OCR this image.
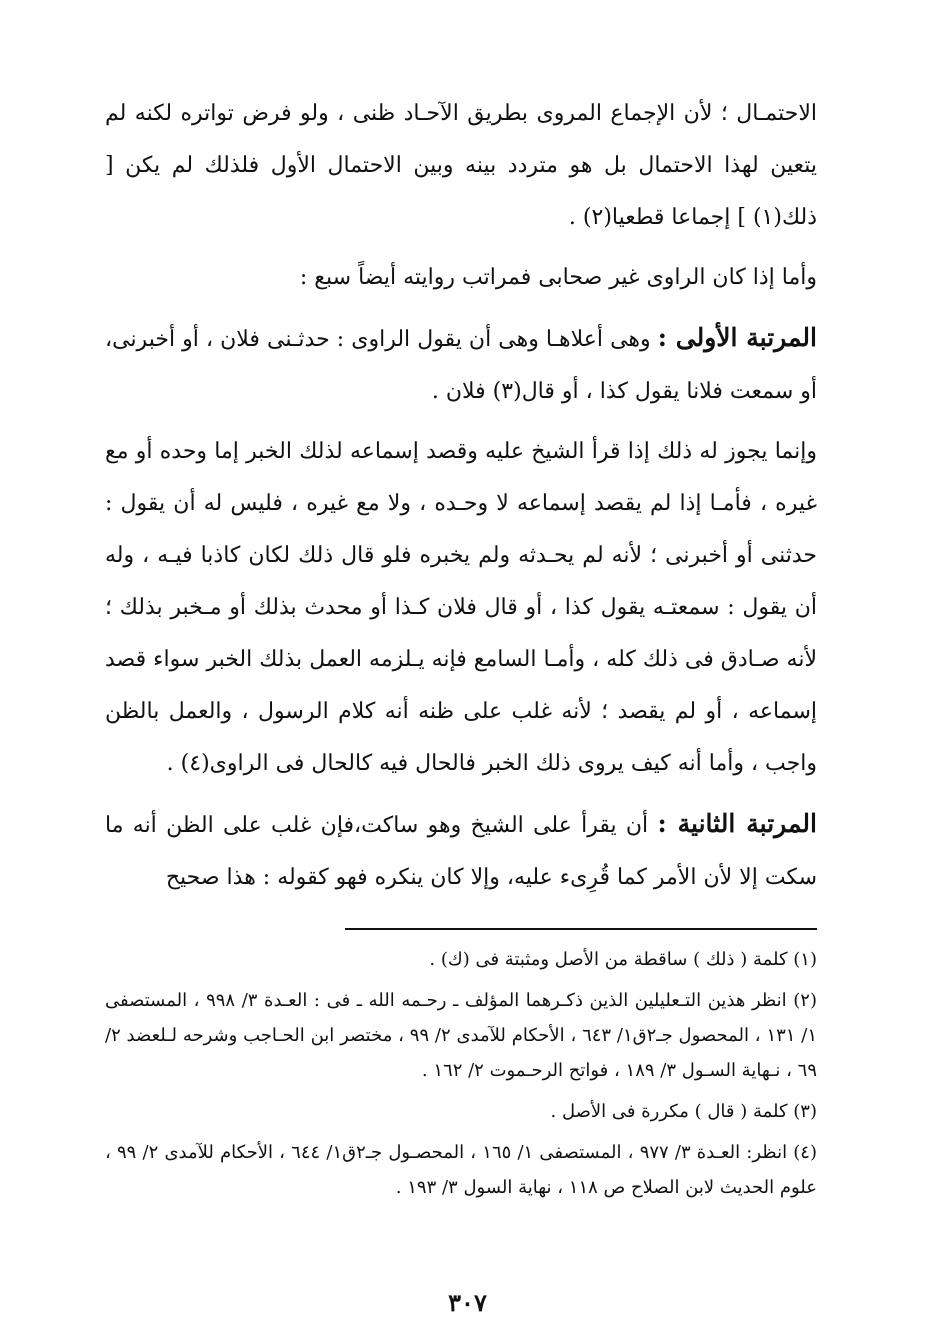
الاحتمـال ؛ لأن الإجماع المروى بطريق الآحـاد ظنى ، ولو فرض تواتره لكنه لم يتعين لهذا الاحتمال بل هو متردد بينه وبين الاحتمال الأول فلذلك لم يكن [ ذلك(١) ] إجماعا قطعيا(٢) .

وأما إذا كان الراوى غير صحابى فمراتب روايته أيضاً سبع :

المرتبة الأولى : وهى أعلاهـا وهى أن يقول الراوى : حدثـنى فلان ، أو أخبرنى، أو سمعت فلانا يقول كذا ، أو قال(٣) فلان .

وإنما يجوز له ذلك إذا قرأ الشيخ عليه وقصد إسماعه لذلك الخبر إما وحده أو مع غيره ، فأمـا إذا لم يقصد إسماعه لا وحـده ، ولا مع غيره ، فليس له أن يقول : حدثنى أو أخبرنى ؛ لأنه لم يحـدثه ولم يخبره فلو قال ذلك لكان كاذبا فيـه ، وله أن يقول : سمعتـه يقول كذا ، أو قال فلان كـذا أو محدث بذلك أو مـخبر بذلك ؛ لأنه صـادق فى ذلك كله ، وأمـا السامع فإنه يـلزمه العمل بذلك الخبر سواء قصد إسماعه ، أو لم يقصد ؛ لأنه غلب على ظنه أنه كلام الرسول ، والعمل بالظن واجب ، وأما أنه كيف يروى ذلك الخبر فالحال فيه كالحال فى الراوى(٤) .

المرتبة الثانية : أن يقرأ على الشيخ وهو ساكت،فإن غلب على الظن أنه ما سكت إلا لأن الأمر كما قُرِىء عليه، وإلا كان ينكره فهو كقوله : هذا صحيح

(١) كلمة ( ذلك ) ساقطة من الأصل ومثبتة فى (ك) .

(٢) انظر هذين التـعليلين الذين ذكـرهما المؤلف ـ رحـمه الله ـ فى : العـدة ٣/ ٩٩٨ ، المستصفى ١/ ١٣١ ، المحصول جـ٢ق١/ ٦٤٣ ، الأحكام للآمدى ٢/ ٩٩ ، مختصر ابن الحـاجب وشرحه لـلعضد ٢/ ٦٩ ، نـهاية السـول ٣/ ١٨٩ ، فواتح الرحـموت ٢/ ١٦٢ .

(٣) كلمة ( قال ) مكررة فى الأصل .

(٤) انظر: العـدة ٣/ ٩٧٧ ، المستصفى ١/ ١٦٥ ، المحصـول جـ٢ق١/ ٦٤٤ ، الأحكام للآمدى ٢/ ٩٩ ، علوم الحديث لابن الصلاح ص ١١٨ ، نهاية السول ٣/ ١٩٣ .

٣٠٧
